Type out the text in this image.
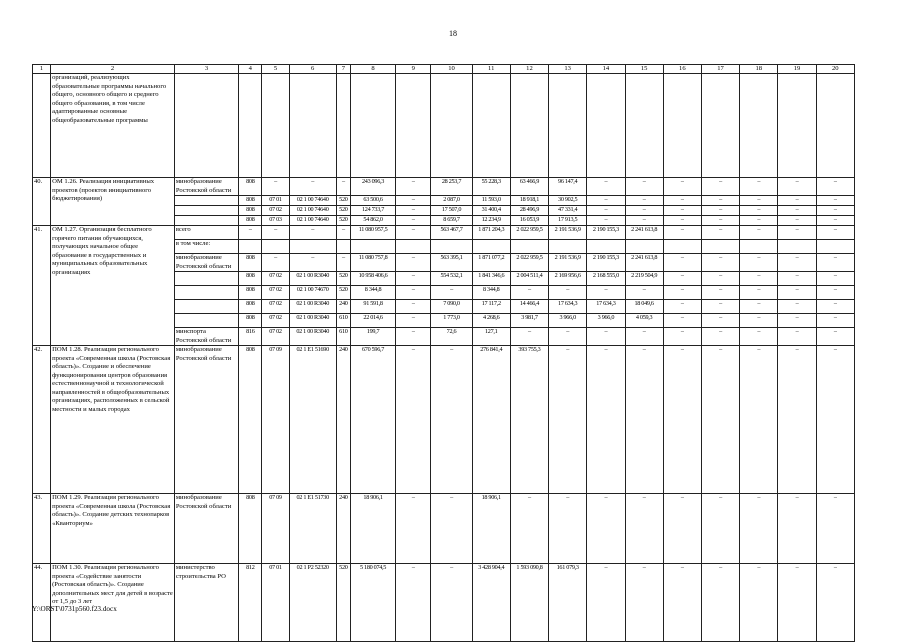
18
1	2	3	4	5	6	7	8	9	10	11	12	13	14	15	16	17	18	19	20
	организаций, реализующих образовательные программы начального общего, основного общего и среднего общего образования, в том числе адаптированные основные общеобразовательные программы																		
40.	ОМ 1.26. Реализация инициативных проектов (проектов инициативного бюджетирования)	минобразование Ростовской области	808	–	–	–	243 096,3	–	28 253,7	55 228,3	63 466,9	96 147,4	–	–	–	–	–	–	–
			808	07 01	02 1 00 74640	520	63 500,6	–	2 087,0	11 593,0	18 918,1	30 902,5	–	–	–	–	–	–	–
			808	07 02	02 1 00 74640	520	124 733,7	–	17 507,0	31 400,4	28 496,9	47 331,4	–	–	–	–	–	–	–
			808	07 03	02 1 00 74640	520	54 862,0	–	8 659,7	12 234,9	16 053,9	17 913,5	–	–	–	–	–	–	–
41.	ОМ 1.27. Организация бесплатного горячего питания обучающихся, получающих начальное общее образование в государственных и муниципальных образовательных организациях	всего	–	–	–	–	11 080 957,5	–	563 467,7	1 871 204,3	2 022 959,5	2 191 536,9	2 190 155,3	2 241 613,8	–	–	–	–	–
		в том числе:																	
		минобразование Ростовской области	808	–	–	–	11 080 757,8	–	563 395,1	1 871 077,2	2 022 959,5	2 191 536,9	2 190 155,3	2 241 613,8	–	–	–	–	–
			808	07 02	02 1 00 R3040	520	10 958 406,6	–	554 532,1	1 841 346,6	2 004 511,4	2 169 956,6	2 168 555,0	2 219 504,9	–	–	–	–	–
			808	07 02	02 1 00 74670	520	8 344,8	–	–	8 344,8	–	–	–	–	–	–	–	–	–
			808	07 02	02 1 00 R3040	240	91 591,8	–	7 090,0	17 117,2	14 466,4	17 634,3	17 634,3	18 049,6	–	–	–	–	–
			808	07 02	02 1 00 R3040	610	22 014,6	–	1 773,0	4 268,6	3 981,7	3 966,0	3 966,0	4 059,3	–	–	–	–	–
		минспорта Ростовской области	816	07 02	02 1 00 R3040	610	199,7	–	72,6	127,1	–	–	–	–	–	–	–	–	–
42.	ПОМ 1.28. Реализация регионального проекта «Современная школа (Ростовская область)». Создание и обеспечение функционирования центров образования естественнонаучной и технологической направленностей в общеобразовательных организациях, расположенных в сельской местности и малых городах	минобразование Ростовской области	808	07 09	02 1 E1 51690	240	670 596,7	–	–	276 841,4	393 755,3	–	–	–	–	–	–	–	–
43.	ПОМ 1.29. Реализация регионального проекта «Современная школа (Ростовская область)». Создание детских технопарков «Кванториум»	минобразование Ростовской области	808	07 09	02 1 E1 51730	240	18 906,1	–	–	18 906,1	–	–	–	–	–	–	–	–	–
44.	ПОМ 1.30. Реализация регионального проекта «Содействие занятости (Ростовская область)». Создание дополнительных мест для детей в возрасте от 1,5 до 3 лет	министерство строительства РО	812	07 01	02 1 P2 52320	520	5 180 074,5	–	–	3 428 904,4	1 593 090,8	161 079,3	–	–	–	–	–	–	–
Y:\ORST\0731p560.f23.docx
